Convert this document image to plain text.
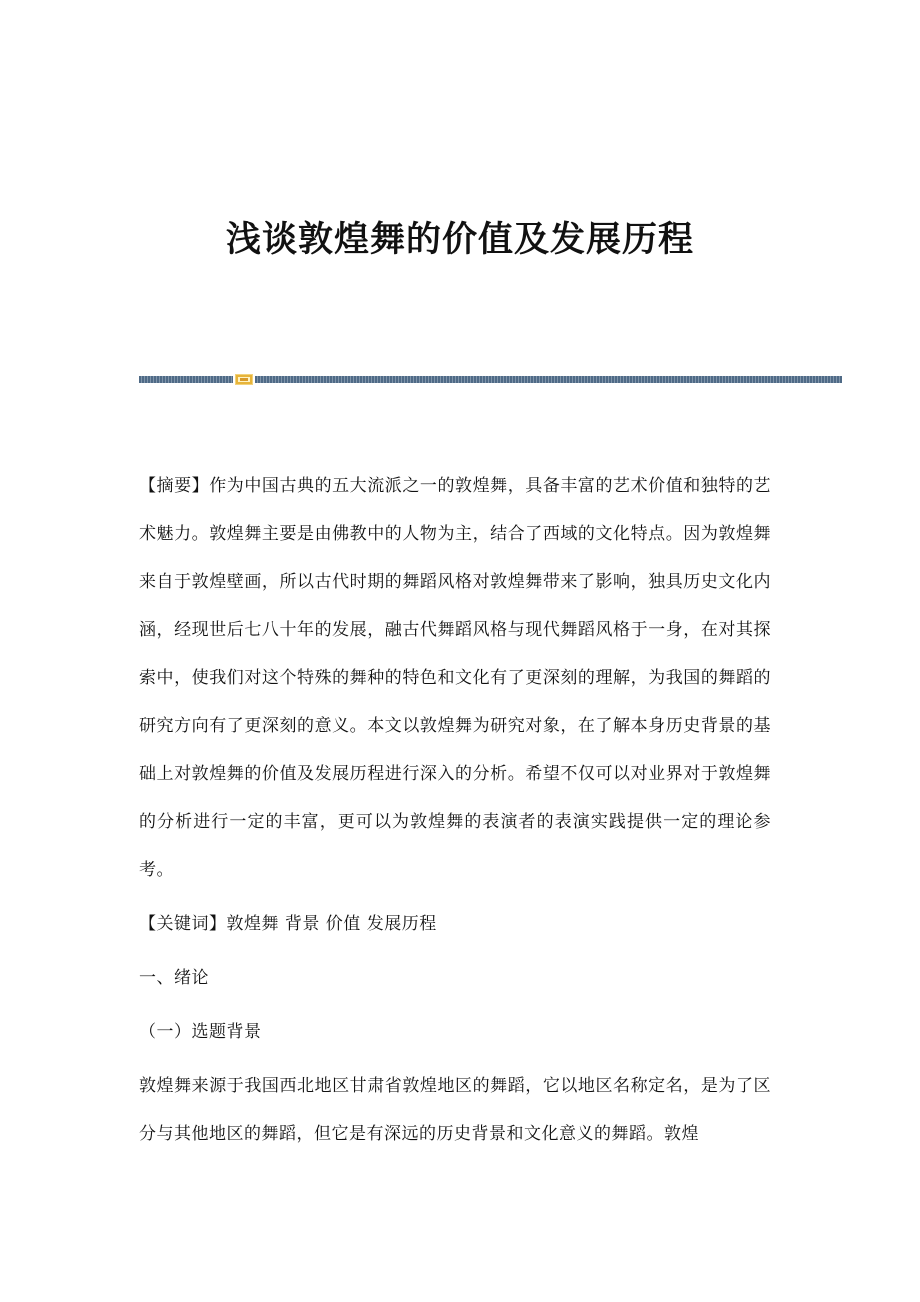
浅谈敦煌舞的价值及发展历程

【摘要】作为中国古典的五大流派之一的敦煌舞，具备丰富的艺术价值和独特的艺术魅力。敦煌舞主要是由佛教中的人物为主，结合了西域的文化特点。因为敦煌舞来自于敦煌壁画，所以古代时期的舞蹈风格对敦煌舞带来了影响，独具历史文化内涵，经现世后七八十年的发展，融古代舞蹈风格与现代舞蹈风格于一身，在对其探索中，使我们对这个特殊的舞种的特色和文化有了更深刻的理解，为我国的舞蹈的研究方向有了更深刻的意义。本文以敦煌舞为研究对象，在了解本身历史背景的基础上对敦煌舞的价值及发展历程进行深入的分析。希望不仅可以对业界对于敦煌舞的分析进行一定的丰富，更可以为敦煌舞的表演者的表演实践提供一定的理论参考。

【关键词】敦煌舞 背景 价值 发展历程

一、绪论

（一）选题背景

敦煌舞来源于我国西北地区甘肃省敦煌地区的舞蹈，它以地区名称定名，是为了区分与其他地区的舞蹈，但它是有深远的历史背景和文化意义的舞蹈。敦煌
